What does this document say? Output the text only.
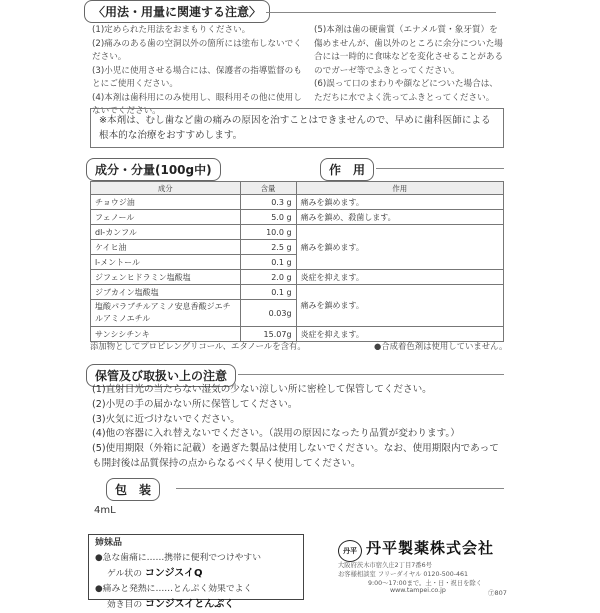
〈用法・用量に関連する注意〉
(1)定められた用法をおまもりください。
(2)痛みのある歯の空洞以外の箇所には塗布しないでください。
(3)小児に使用させる場合には、保護者の指導監督のもとにご使用ください。
(4)本剤は歯科用にのみ使用し、眼科用その他に使用しないでください。
(5)本剤は歯の硬歯質（エナメル質・象牙質）を傷めませんが、歯以外のところに余分についた場合には一時的に食味などを変化させることがあるのでガーゼ等でふきとってください。
(6)誤って口のまわりや顔などについた場合は、ただちに水でよく洗ってふきとってください。
※本剤は、むし歯など歯の痛みの原因を治すことはできませんので、早めに歯科医師による根本的な治療をおすすめします。
成分・分量(100g中)	作　用
成分	含量	作用
チョウジ油	0.3 g	痛みを鎮めます。
フェノール	5.0 g	痛みを鎮め、殺菌します。
dl-カンフル	10.0 g	痛みを鎮めます。
ケイヒ油	2.5 g	
l-メントール	0.1 g	
ジフェンヒドラミン塩酸塩	2.0 g	炎症を抑えます。
ジブカイン塩酸塩	0.1 g	痛みを鎮めます。
塩酸パラブチルアミノ安息香酸ジエチルアミノエチル	0.03g	
サンシシチンキ	15.07g	炎症を抑えます。
添加物としてプロピレングリコール、エタノールを含有。	●合成着色剤は使用していません。
保管及び取扱い上の注意
(1)直射日光の当たらない湿気の少ない涼しい所に密栓して保管してください。
(2)小児の手の届かない所に保管してください。
(3)火気に近づけないでください。
(4)他の容器に入れ替えないでください。（誤用の原因になったり品質が変わります。）
(5)使用期限（外箱に記載）を過ぎた製品は使用しないでください。なお、使用期限内であっても開封後は品質保持の点からなるべく早く使用してください。
包　装
4mL
姉妹品
●急な歯痛に……携帯に便利でつけやすい
ゲル状の コンジスイQ
●痛みと発熱に……とんぷく効果でよく
効き目の コンジスイとんぷく
丹平 丹平製薬株式会社
大阪府茨木市宿久庄2丁目7番6号
お客様相談室 フリーダイヤル 0120-500-461
9:00〜17:00まで。土・日・祝日を除く
www.tampei.co.jp	Ⓣ807
